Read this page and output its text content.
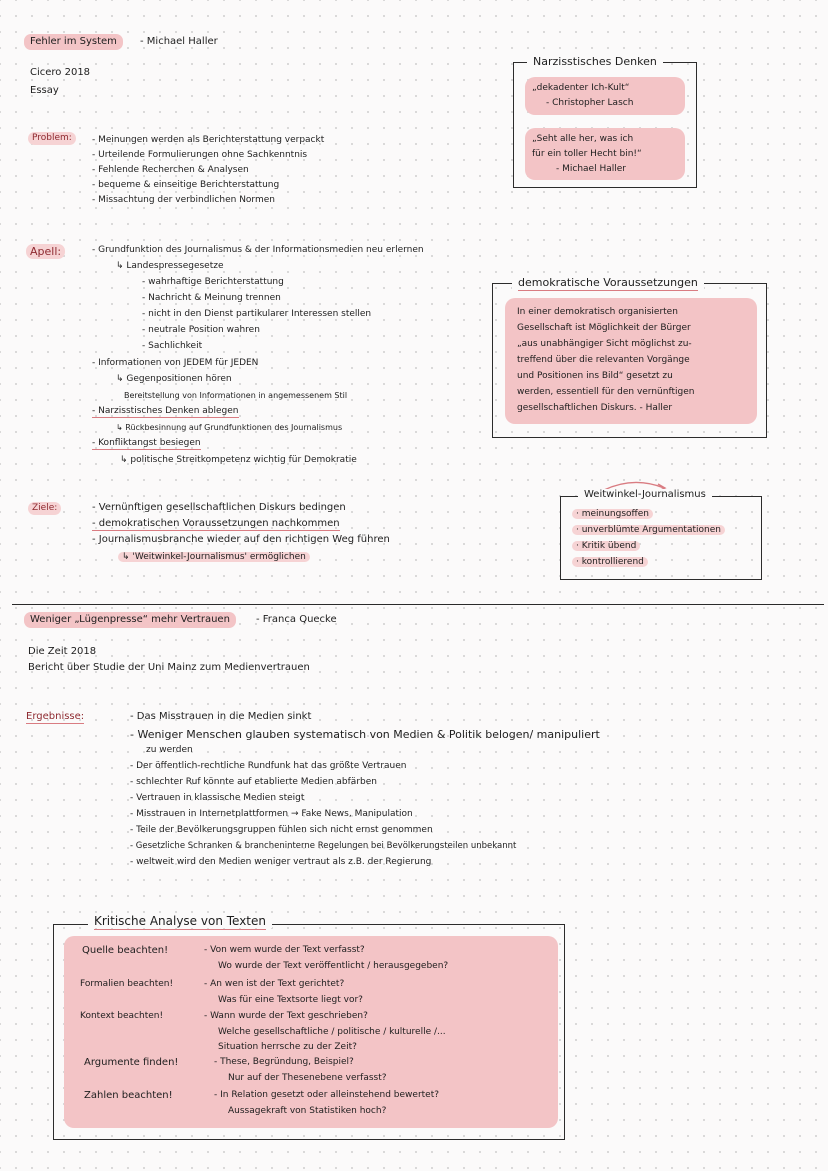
Fehler im System	- Michael Haller
Cicero 2018
Essay
Problem:	- Meinungen werden als Berichterstattung verpackt
- Urteilende Formulierungen ohne Sachkenntnis
- Fehlende Recherchen & Analysen
- bequeme & einseitige Berichterstattung
- Missachtung der verbindlichen Normen
Narzisstisches Denken
„dekadenter Ich-Kult“
- Christopher Lasch
„Seht alle her, was ich
für ein toller Hecht bin!“
- Michael Haller
Apell:	- Grundfunktion des Journalismus & der Informationsmedien neu erlernen
↳ Landespressegesetze
- wahrhaftige Berichterstattung
- Nachricht & Meinung trennen
- nicht in den Dienst partikularer Interessen stellen
- neutrale Position wahren
- Sachlichkeit
- Informationen von JEDEM für JEDEN
↳ Gegenpositionen hören
Bereitstellung von Informationen in angemessenem Stil
- Narzisstisches Denken ablegen
↳ Rückbesinnung auf Grundfunktionen des Journalismus
- Konfliktangst besiegen
↳ politische Streitkompetenz wichtig für Demokratie
demokratische Voraussetzungen
In einer demokratisch organisierten
Gesellschaft ist Möglichkeit der Bürger
„aus unabhängiger Sicht möglichst zu-
treffend über die relevanten Vorgänge
und Positionen ins Bild“ gesetzt zu
werden, essentiell für den vernünftigen
gesellschaftlichen Diskurs. - Haller
Ziele:	- Vernünftigen gesellschaftlichen Diskurs bedingen
- demokratischen Voraussetzungen nachkommen
- Journalismusbranche wieder auf den richtigen Weg führen
↳ 'Weitwinkel-Journalismus' ermöglichen
Weitwinkel-Journalismus
· meinungsoffen
· unverblümte Argumentationen
· Kritik übend
· kontrollierend
Weniger „Lügenpresse“ mehr Vertrauen	- Franca Quecke
Die Zeit 2018
Bericht über Studie der Uni Mainz zum Medienvertrauen
Ergebnisse:	- Das Misstrauen in die Medien sinkt
- Weniger Menschen glauben systematisch von Medien & Politik belogen/ manipuliert
zu werden
- Der öffentlich-rechtliche Rundfunk hat das größte Vertrauen
- schlechter Ruf könnte auf etablierte Medien abfärben
- Vertrauen in klassische Medien steigt
- Misstrauen in Internetplattformen → Fake News, Manipulation
- Teile der Bevölkerungsgruppen fühlen sich nicht ernst genommen
- Gesetzliche Schranken & brancheninterne Regelungen bei Bevölkerungsteilen unbekannt
- weltweit wird den Medien weniger vertraut als z.B. der Regierung
Kritische Analyse von Texten
Quelle beachten!	- Von wem wurde der Text verfasst?
Wo wurde der Text veröffentlicht / herausgegeben?
Formalien beachten!	- An wen ist der Text gerichtet?
Was für eine Textsorte liegt vor?
Kontext beachten!	- Wann wurde der Text geschrieben?
Welche gesellschaftliche / politische / kulturelle /...
Situation herrsche zu der Zeit?
Argumente finden!	- These, Begründung, Beispiel?
Nur auf der Thesenebene verfasst?
Zahlen beachten!	- In Relation gesetzt oder alleinstehend bewertet?
Aussagekraft von Statistiken hoch?
